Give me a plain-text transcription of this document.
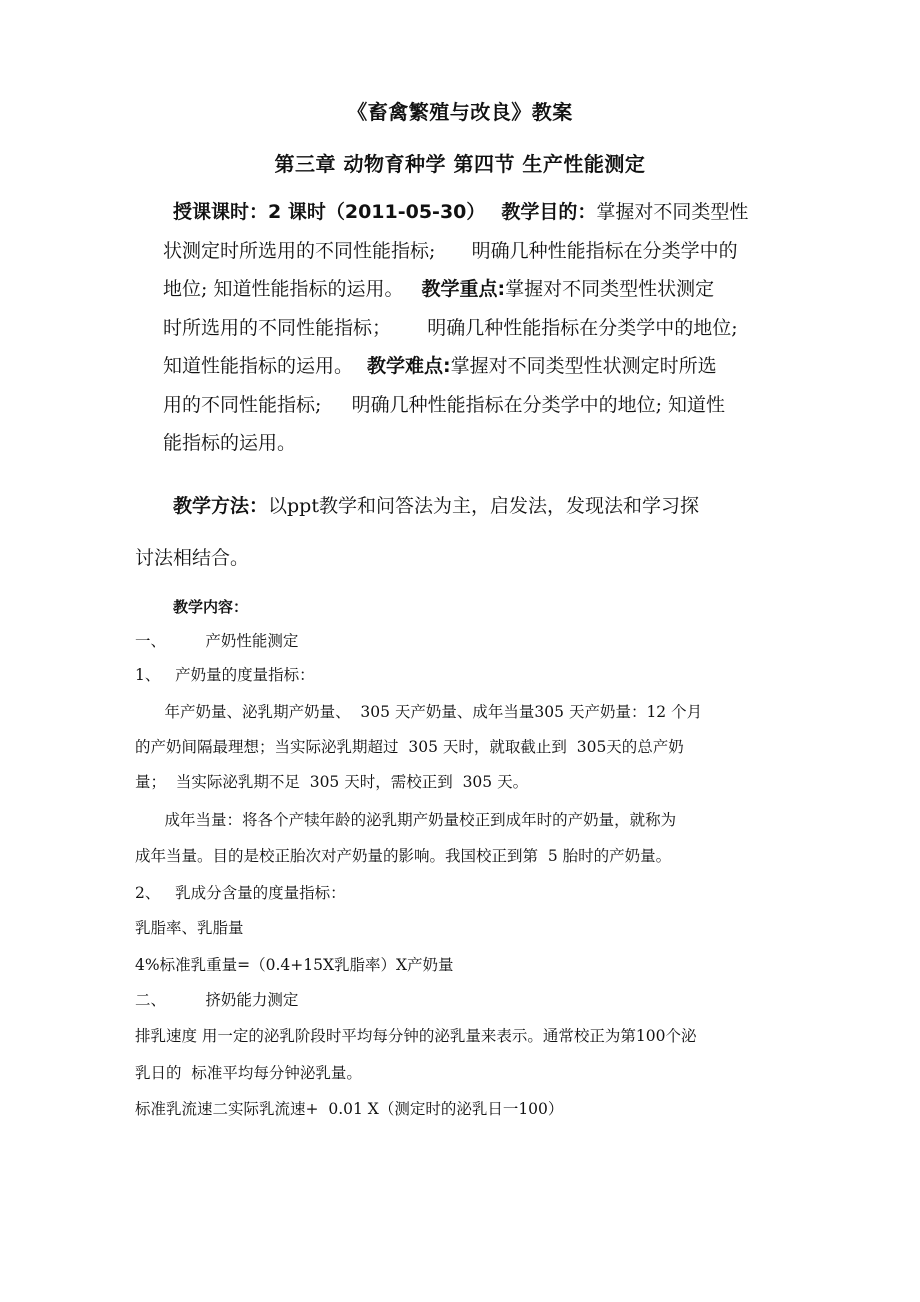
《畜禽繁殖与改良》教案
第三章 动物育种学 第四节 生产性能测定
授课课时：2 课时（2011-05-30） 教学目的：掌握对不同类型性
状测定时所选用的不同性能指标;      明确几种性能指标在分类学中的
地位; 知道性能指标的运用。 教学重点:掌握对不同类型性状测定
时所选用的不同性能指标；      明确几种性能指标在分类学中的地位;
知道性能指标的运用。 教学难点:掌握对不同类型性状测定时所选
用的不同性能指标;     明确几种性能指标在分类学中的地位; 知道性
能指标的运用。
教学方法：以ppt教学和问答法为主，启发法，发现法和学习探
讨法相结合。
教学内容：
一、        产奶性能测定
1、   产奶量的度量指标：
年产奶量、泌乳期产奶量、  305 天产奶量、成年当量305 天产奶量：12 个月
的产奶间隔最理想；当实际泌乳期超过  305 天时，就取截止到  305天的总产奶
量；  当实际泌乳期不足  305 天时，需校正到  305 天。
成年当量：将各个产犊年龄的泌乳期产奶量校正到成年时的产奶量，就称为
成年当量。目的是校正胎次对产奶量的影响。我国校正到第  5 胎时的产奶量。
2、   乳成分含量的度量指标：
乳脂率、乳脂量
4%标准乳重量=（0.4+15X乳脂率）X产奶量
二、        挤奶能力测定
排乳速度 用一定的泌乳阶段时平均每分钟的泌乳量来表示。通常校正为第100个泌
乳日的  标准平均每分钟泌乳量。
标准乳流速二实际乳流速+  0.01 X（测定时的泌乳日一100）
